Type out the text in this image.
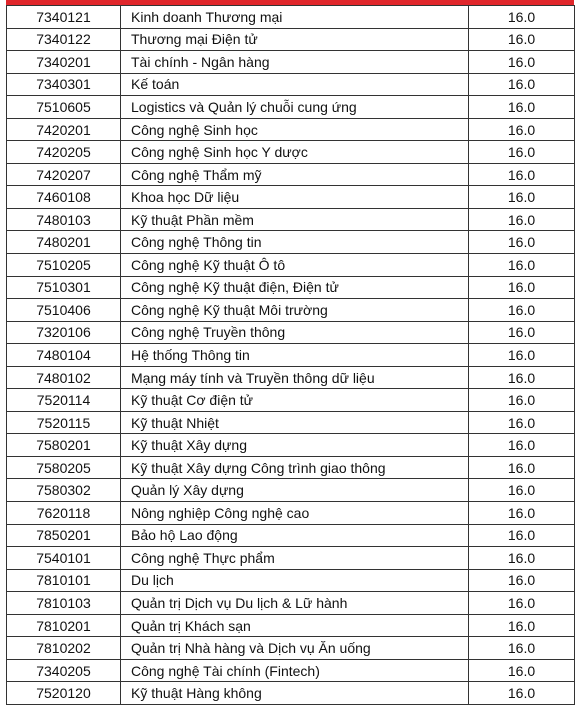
7340121	Kinh doanh Thương mại	16.0
7340122	Thương mại Điện tử	16.0
7340201	Tài chính - Ngân hàng	16.0
7340301	Kế toán	16.0
7510605	Logistics và Quản lý chuỗi cung ứng	16.0
7420201	Công nghệ Sinh học	16.0
7420205	Công nghệ Sinh học Y dược	16.0
7420207	Công nghệ Thẩm mỹ	16.0
7460108	Khoa học Dữ liệu	16.0
7480103	Kỹ thuật Phần mềm	16.0
7480201	Công nghệ Thông tin	16.0
7510205	Công nghệ Kỹ thuật Ô tô	16.0
7510301	Công nghệ Kỹ thuật điện, Điện tử	16.0
7510406	Công nghệ Kỹ thuật Môi trường	16.0
7320106	Công nghệ Truyền thông	16.0
7480104	Hệ thống Thông tin	16.0
7480102	Mạng máy tính và Truyền thông dữ liệu	16.0
7520114	Kỹ thuật Cơ điện tử	16.0
7520115	Kỹ thuật Nhiệt	16.0
7580201	Kỹ thuật Xây dựng	16.0
7580205	Kỹ thuật Xây dựng Công trình giao thông	16.0
7580302	Quản lý Xây dựng	16.0
7620118	Nông nghiệp Công nghệ cao	16.0
7850201	Bảo hộ Lao động	16.0
7540101	Công nghệ Thực phẩm	16.0
7810101	Du lịch	16.0
7810103	Quản trị Dịch vụ Du lịch & Lữ hành	16.0
7810201	Quản trị Khách sạn	16.0
7810202	Quản trị Nhà hàng và Dịch vụ Ăn uống	16.0
7340205	Công nghệ Tài chính (Fintech)	16.0
7520120	Kỹ thuật Hàng không	16.0
